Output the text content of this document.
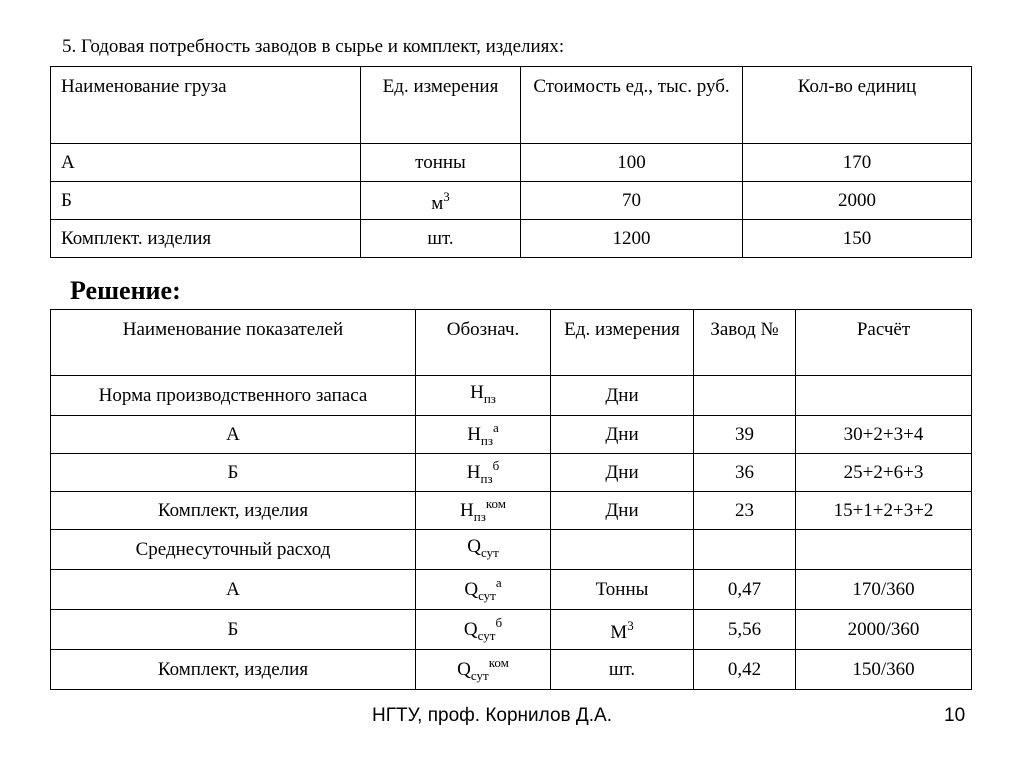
5. Годовая потребность заводов в сырье и комплект, изделиях:
Наименование груза	Ед. измерения	Стоимость ед., тыс. руб.	Кол-во единиц
А	тонны	100	170
Б	$м^3$	70	2000
Комплект. изделия	шт.	1200	150
Решение:
Наименование показателей	Обознач.	Ед. измерения	Завод №	Расчёт
Норма производственного запаса	$Н_{пз}$	Дни
А	$Н_{пз}^а$	Дни	39	30+2+3+4
Б	$Н_{пз}^б$	Дни	36	25+2+6+3
Комплект, изделия	$Н_{пз}^{ком}$	Дни	23	15+1+2+3+2
Среднесуточный расход	$Q_{сут}$
А	$Q_{сут}^а$	Тонны	0,47	170/360
Б	$Q_{сут}^б$	$М^3$	5,56	2000/360
Комплект, изделия	$Q_{сут}^{ком}$	шт.	0,42	150/360
НГТУ, проф. Корнилов Д.А.	10
